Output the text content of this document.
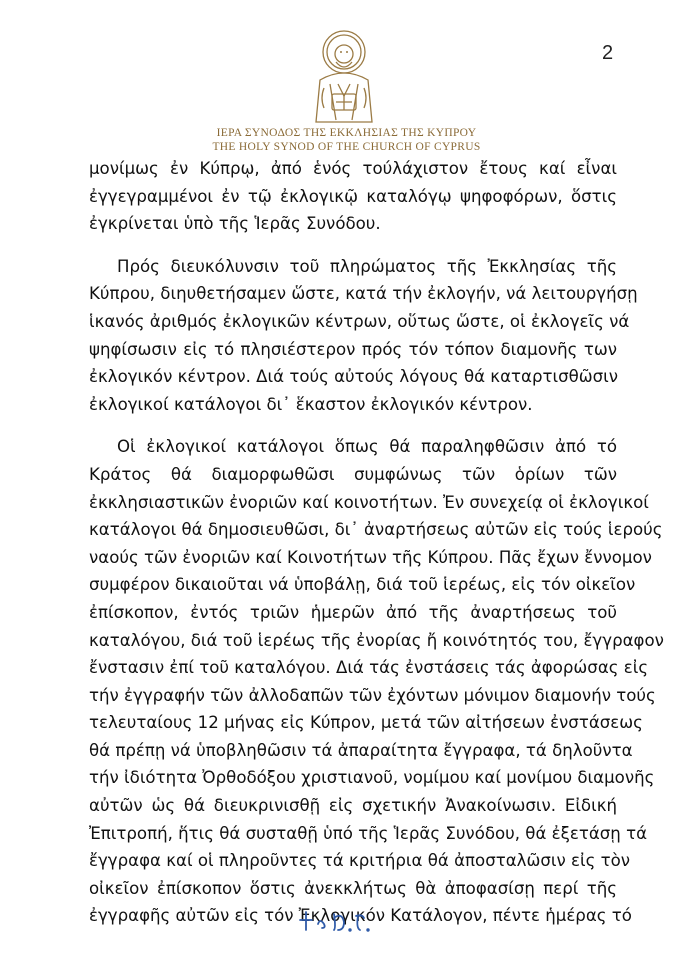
2
ΙΕΡΑ ΣΥΝΟΔΟΣ ΤΗΣ ΕΚΚΛΗΣΙΑΣ ΤΗΣ ΚΥΠΡΟΥ
THE HOLY SYNOD OF THE CHURCH OF CYPRUS
μονίμως ἐν Κύπρῳ, ἀπό ἑνός τούλάχιστον ἔτους καί εἶναι
ἐγγεγραμμένοι ἐν τῷ ἐκλογικῷ καταλόγῳ ψηφοφόρων, ὅστις
ἐγκρίνεται ὑπὸ τῆς Ἱερᾶς Συνόδου.
Πρός διευκόλυνσιν τοῦ πληρώματος τῆς Ἐκκλησίας τῆς
Κύπρου, διηυθετήσαμεν ὥστε, κατά τήν ἐκλογήν, νά λειτουργήσῃ
ἱκανός ἀριθμός ἐκλογικῶν κέντρων, οὕτως ὥστε, οἱ ἐκλογεῖς νά
ψηφίσωσιν εἰς τό πλησιέστερον πρός τόν τόπον διαμονῆς των
ἐκλογικόν κέντρον. Διά τούς αὐτούς λόγους θά καταρτισθῶσιν
ἐκλογικοί κατάλογοι δι᾽ ἕκαστον ἐκλογικόν κέντρον.
Οἱ ἐκλογικοί κατάλογοι ὅπως θά παραληφθῶσιν ἀπό τό
Κράτος θά διαμορφωθῶσι συμφώνως τῶν ὁρίων τῶν
ἐκκλησιαστικῶν ἐνοριῶν καί κοινοτήτων. Ἐν συνεχείᾳ οἱ ἐκλογικοί
κατάλογοι θά δημοσιευθῶσι, δι᾽ ἀναρτήσεως αὐτῶν εἰς τούς ἱερούς
ναούς τῶν ἐνοριῶν καί Κοινοτήτων τῆς Κύπρου. Πᾶς ἔχων ἔννομον
συμφέρον δικαιοῦται νά ὑποβάλῃ, διά τοῦ ἱερέως, εἰς τόν οἰκεῖον
ἐπίσκοπον, ἐντός τριῶν ἡμερῶν ἀπό τῆς ἀναρτήσεως τοῦ
καταλόγου, διά τοῦ ἱερέως τῆς ἐνορίας ἤ κοινότητός του, ἔγγραφον
ἔνστασιν ἐπί τοῦ καταλόγου. Διά τάς ἐνστάσεις τάς ἀφορώσας εἰς
τήν ἐγγραφήν τῶν ἀλλοδαπῶν τῶν ἐχόντων μόνιμον διαμονήν τούς
τελευταίους 12 μήνας εἰς Κύπρον, μετά τῶν αἰτήσεων ἐνστάσεως
θά πρέπῃ νά ὑποβληθῶσιν τά ἀπαραίτητα ἔγγραφα, τά δηλοῦντα
τήν ἰδιότητα Ὀρθοδόξου χριστιανοῦ, νομίμου καί μονίμου διαμονῆς
αὐτῶν ὡς θά διευκρινισθῇ εἰς σχετικήν Ἀνακοίνωσιν. Εἰδική
Ἐπιτροπή, ἥτις θά συσταθῇ ὑπό τῆς Ἱερᾶς Συνόδου, θά ἐξετάσῃ τά
ἔγγραφα καί οἱ πληροῦντες τά κριτήρια θά ἀποσταλῶσιν εἰς τὸν
οἰκεῖον ἐπίσκοπον ὅστις ἀνεκκλήτως θὰ ἀποφασίσῃ περί τῆς
ἐγγραφῆς αὐτῶν εἰς τόν Ἐκλογικόν Κατάλογον, πέντε ἡμέρας τό
